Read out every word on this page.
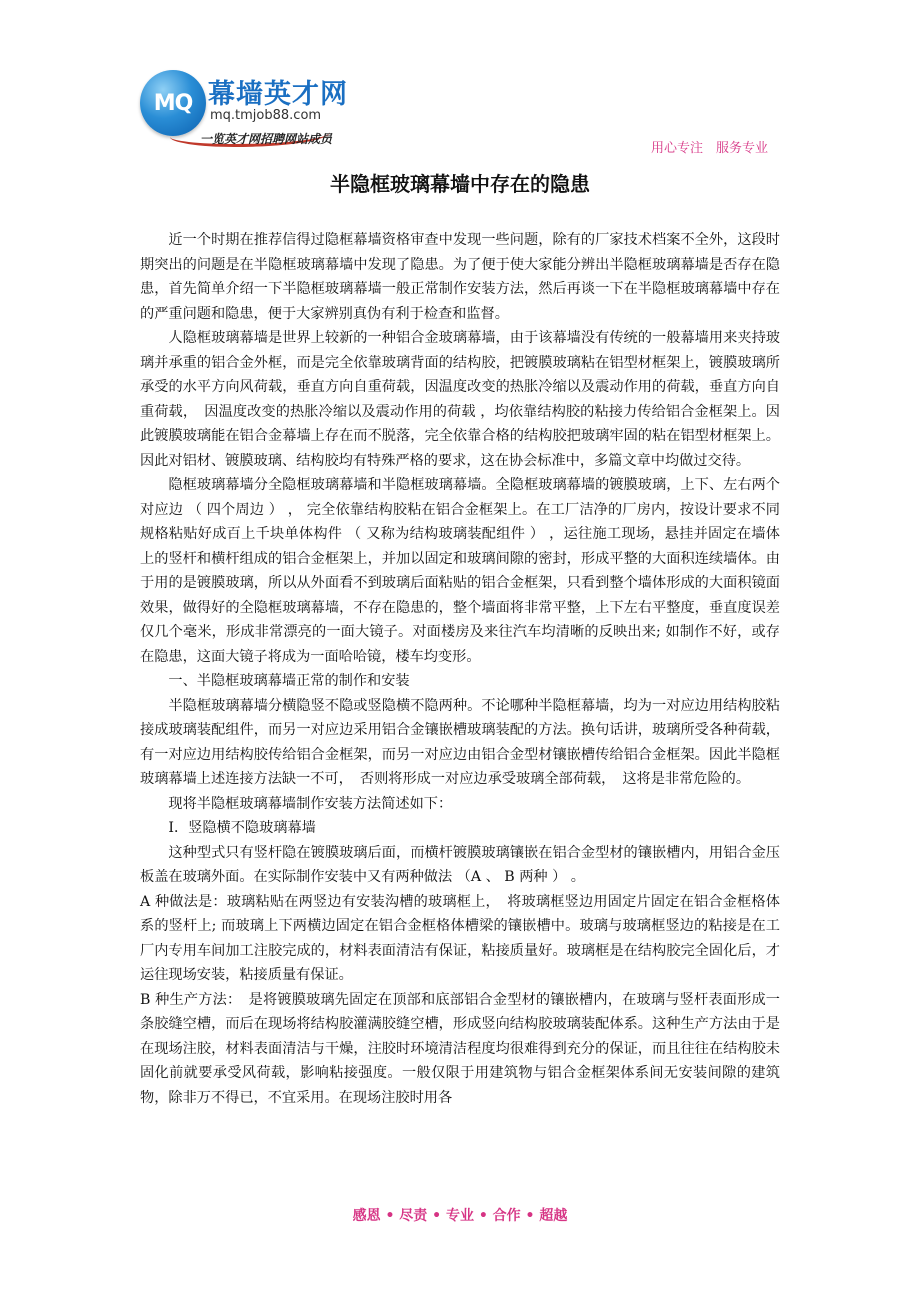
MQ 幕墙英才网
mq.tmjob88.com
一览英才网招聘网站成员
用心专注　服务专业
半隐框玻璃幕墙中存在的隐患

近一个时期在推荐信得过隐框幕墙资格审查中发现一些问题，除有的厂家技术档案不全外，这段时期突出的问题是在半隐框玻璃幕墙中发现了隐患。为了便于使大家能分辨出半隐框玻璃幕墙是否存在隐患，首先简单介绍一下半隐框玻璃幕墙一般正常制作安装方法，然后再谈一下在半隐框玻璃幕墙中存在的严重问题和隐患，便于大家辨别真伪有利于检查和监督。

人隐框玻璃幕墙是世界上较新的一种铝合金玻璃幕墙，由于该幕墙没有传统的一般幕墙用来夹持玻璃并承重的铝合金外框，而是完全依靠玻璃背面的结构胶，把镀膜玻璃粘在铝型材框架上，镀膜玻璃所承受的水平方向风荷载，垂直方向自重荷载，因温度改变的热胀冷缩以及震动作用的荷载，垂直方向自重荷载，　因温度改变的热胀冷缩以及震动作用的荷载 ，均依靠结构胶的粘接力传给铝合金框架上。因此镀膜玻璃能在铝合金幕墙上存在而不脱落，完全依靠合格的结构胶把玻璃牢固的粘在铝型材框架上。因此对铝材、镀膜玻璃、结构胶均有特殊严格的要求，这在协会标准中，多篇文章中均做过交待。

隐框玻璃幕墙分全隐框玻璃幕墙和半隐框玻璃幕墙。全隐框玻璃幕墙的镀膜玻璃，上下、左右两个对应边 （ 四个周边 ） ， 完全依靠结构胶粘在铝合金框架上。在工厂洁净的厂房内，按设计要求不同规格粘贴好成百上千块单体构件 （ 又称为结构玻璃装配组件 ） ，运往施工现场，悬挂并固定在墙体上的竖杆和横杆组成的铝合金框架上，并加以固定和玻璃间隙的密封，形成平整的大面积连续墙体。由于用的是镀膜玻璃，所以从外面看不到玻璃后面粘贴的铝合金框架，只看到整个墙体形成的大面积镜面效果，做得好的全隐框玻璃幕墙，不存在隐患的，整个墙面将非常平整，上下左右平整度，垂直度误差仅几个毫米，形成非常漂亮的一面大镜子。对面楼房及来往汽车均清晰的反映出来; 如制作不好，或存在隐患，这面大镜子将成为一面哈哈镜，楼车均变形。

一、半隐框玻璃幕墙正常的制作和安装

半隐框玻璃幕墙分横隐竖不隐或竖隐横不隐两种。不论哪种半隐框幕墙，均为一对应边用结构胶粘接成玻璃装配组件，而另一对应边采用铝合金镶嵌槽玻璃装配的方法。换句话讲，玻璃所受各种荷载，有一对应边用结构胶传给铝合金框架，而另一对应边由铝合金型材镶嵌槽传给铝合金框架。因此半隐框玻璃幕墙上述连接方法缺一不可，　否则将形成一对应边承受玻璃全部荷载，　这将是非常危险的。

现将半隐框玻璃幕墙制作安装方法简述如下：

Ⅰ．竖隐横不隐玻璃幕墙

这种型式只有竖杆隐在镀膜玻璃后面，而横杆镀膜玻璃镶嵌在铝合金型材的镶嵌槽内，用铝合金压板盖在玻璃外面。在实际制作安装中又有两种做法 （A 、 B 两种 ） 。

A 种做法是：玻璃粘贴在两竖边有安装沟槽的玻璃框上，　将玻璃框竖边用固定片固定在铝合金框格体系的竖杆上; 而玻璃上下两横边固定在铝合金框格体槽梁的镶嵌槽中。玻璃与玻璃框竖边的粘接是在工厂内专用车间加工注胶完成的，材料表面清洁有保证，粘接质量好。玻璃框是在结构胶完全固化后，才运往现场安装，粘接质量有保证。

B 种生产方法：　是将镀膜玻璃先固定在顶部和底部铝合金型材的镶嵌槽内，在玻璃与竖杆表面形成一条胶缝空槽，而后在现场将结构胶灌满胶缝空槽，形成竖向结构胶玻璃装配体系。这种生产方法由于是在现场注胶，材料表面清洁与干燥，注胶时环境清洁程度均很难得到充分的保证，而且往往在结构胶未固化前就要承受风荷载，影响粘接强度。一般仅限于用建筑物与铝合金框架体系间无安装间隙的建筑物，除非万不得已，不宜采用。在现场注胶时用各

感恩 • 尽责 • 专业 • 合作 • 超越
